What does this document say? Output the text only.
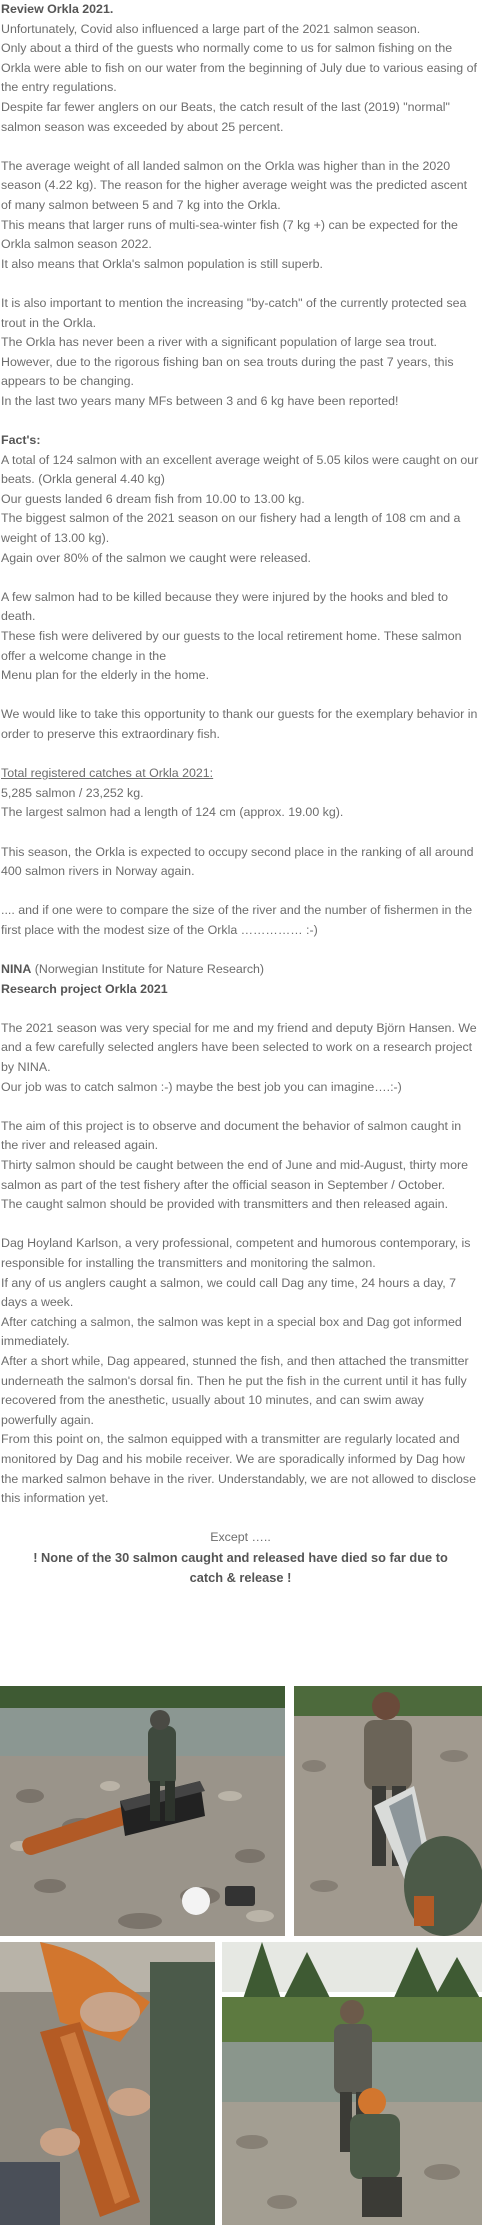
Review Orkla 2021.

Unfortunately, Covid also influenced a large part of the 2021 salmon season.

Only about a third of the guests who normally come to us for salmon fishing on the Orkla were able to fish on our water from the beginning of July due to various easing of the entry regulations.

Despite far fewer anglers on our Beats, the catch result of the last (2019) "normal" salmon season was exceeded by about 25 percent.

The average weight of all landed salmon on the Orkla was higher than in the 2020 season (4.22 kg). The reason for the higher average weight was the predicted ascent of many salmon between 5 and 7 kg into the Orkla.

This means that larger runs of multi-sea-winter fish (7 kg +) can be expected for the Orkla salmon season 2022.

It also means that Orkla's salmon population is still superb.

It is also important to mention the increasing "by-catch" of the currently protected sea trout in the Orkla.

The Orkla has never been a river with a significant population of large sea trout.

However, due to the rigorous fishing ban on sea trouts during the past 7 years, this appears to be changing.

In the last two years many MFs between 3 and 6 kg have been reported!

Fact's:

A total of 124 salmon with an excellent average weight of 5.05 kilos were caught on our beats. (Orkla general 4.40 kg)

Our guests landed 6 dream fish from 10.00 to 13.00 kg.

The biggest salmon of the 2021 season on our fishery had a length of 108 cm and a weight of 13.00 kg).

Again over 80% of the salmon we caught were released.

A few salmon had to be killed because they were injured by the hooks and bled to death.

These fish were delivered by our guests to the local retirement home. These salmon offer a welcome change in the

Menu plan for the elderly in the home.

We would like to take this opportunity to thank our guests for the exemplary behavior in order to preserve this extraordinary fish.

Total registered catches at Orkla 2021:

5,285 salmon / 23,252 kg.

The largest salmon had a length of 124 cm (approx. 19.00 kg).

This season, the Orkla is expected to occupy second place in the ranking of all around 400 salmon rivers in Norway again.

.... and if one were to compare the size of the river and the number of fishermen in the first place with the modest size of the Orkla …………… :-)

NINA (Norwegian Institute for Nature Research)

Research project Orkla 2021

The 2021 season was very special for me and my friend and deputy Björn Hansen. We and a few carefully selected anglers have been selected to work on a research project by NINA.

Our job was to catch salmon :-) maybe the best job you can imagine….:-)

The aim of this project is to observe and document the behavior of salmon caught in the river and released again.

Thirty salmon should be caught between the end of June and mid-August, thirty more salmon as part of the test fishery after the official season in September / October.

The caught salmon should be provided with transmitters and then released again.

Dag Hoyland Karlson, a very professional, competent and humorous contemporary, is responsible for installing the transmitters and monitoring the salmon.

If any of us anglers caught a salmon, we could call Dag any time, 24 hours a day, 7 days a week.

After catching a salmon, the salmon was kept in a special box and Dag got informed immediately.

After a short while, Dag appeared, stunned the fish, and then attached the transmitter underneath the salmon's dorsal fin. Then he put the fish in the current until it has fully recovered from the anesthetic, usually about 10 minutes, and can swim away powerfully again.

From this point on, the salmon equipped with a transmitter are regularly located and monitored by Dag and his mobile receiver. We are sporadically informed by Dag how the marked salmon behave in the river. Understandably, we are not allowed to disclose this information yet.

Except …..

! None of the 30 salmon caught and released have died so far due to catch & release !
